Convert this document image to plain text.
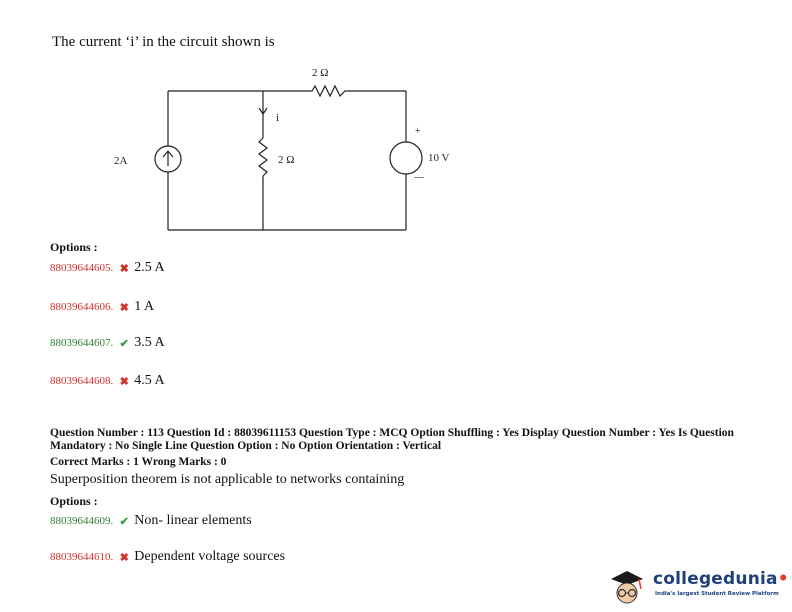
The current ‘i’ in the circuit shown is
2 Ω
2A
i
2 Ω	10 V
+
—
Options :
88039644605. ✖ 2.5 A
88039644606. ✖ 1 A
88039644607. ✔ 3.5 A
88039644608. ✖ 4.5 A
Question Number : 113 Question Id : 88039611153 Question Type : MCQ Option Shuffling : Yes Display Question Number : Yes Is Question Mandatory : No Single Line Question Option : No Option Orientation : Vertical
Correct Marks : 1 Wrong Marks : 0
Superposition theorem is not applicable to networks containing
Options :
88039644609. ✔ Non- linear elements
88039644610. ✖ Dependent voltage sources
collegedunia•
India's largest Student Review Platform
